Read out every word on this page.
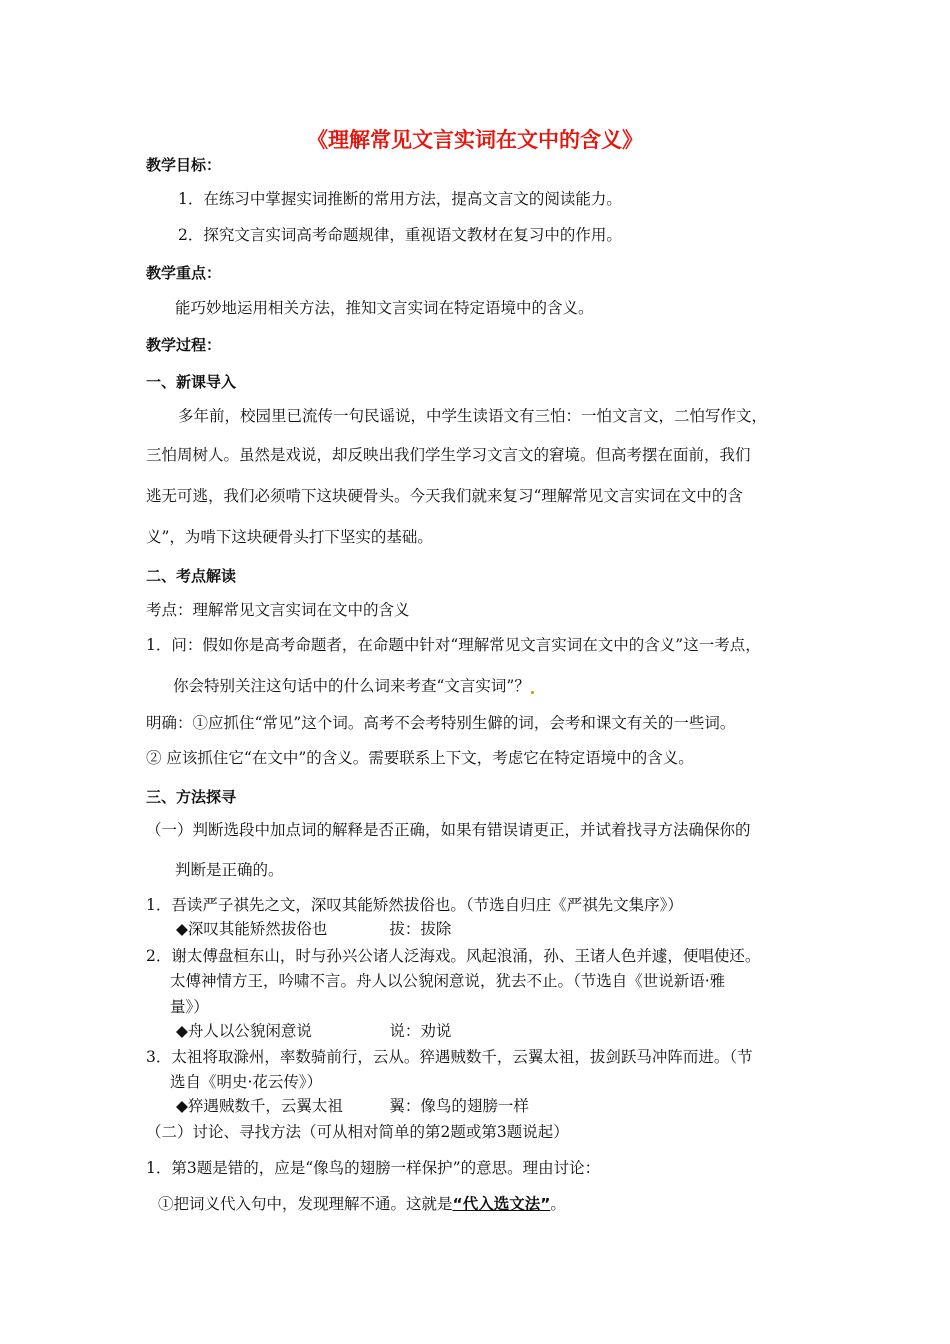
《理解常见文言实词在文中的含义》
教学目标：
1．在练习中掌握实词推断的常用方法，提高文言文的阅读能力。
2．探究文言实词高考命题规律，重视语文教材在复习中的作用。
教学重点：
能巧妙地运用相关方法，推知文言实词在特定语境中的含义。
教学过程：
一、新课导入
多年前，校园里已流传一句民谣说，中学生读语文有三怕：一怕文言文，二怕写作文，
三怕周树人。虽然是戏说，却反映出我们学生学习文言文的窘境。但高考摆在面前，我们
逃无可逃，我们必须啃下这块硬骨头。今天我们就来复习“理解常见文言实词在文中的含
义”，为啃下这块硬骨头打下坚实的基础。
二、考点解读
考点：理解常见文言实词在文中的含义
1．问：假如你是高考命题者，在命题中针对“理解常见文言实词在文中的含义”这一考点，
你会特别关注这句话中的什么词来考查“文言实词”？
明确：①应抓住“常见”这个词。高考不会考特别生僻的词，会考和课文有关的一些词。
② 应该抓住它“在文中”的含义。需要联系上下文，考虑它在特定语境中的含义。
三、方法探寻
（一）判断选段中加点词的解释是否正确，如果有错误请更正，并试着找寻方法确保你的
判断是正确的。
1．吾读严子祺先之文，深叹其能矫然拔俗也。（节选自归庄《严祺先文集序》）
◆深叹其能矫然拔俗也　　　　拔：拔除
2．谢太傅盘桓东山，时与孙兴公诸人泛海戏。风起浪涌，孙、王诸人色并遽，便唱使还。
太傅神情方王，吟啸不言。舟人以公貌闲意说，犹去不止。（节选自《世说新语·雅
量》）
◆舟人以公貌闲意说　　　　　说：劝说
3．太祖将取滁州，率数骑前行，云从。猝遇贼数千，云翼太祖，拔剑跃马冲阵而进。（节
选自《明史·花云传》）
◆猝遇贼数千，云翼太祖　　　翼：像鸟的翅膀一样
（二）讨论、寻找方法（可从相对简单的第2题或第3题说起）
1．第3题是错的，应是“像鸟的翅膀一样保护”的意思。理由讨论：
①把词义代入句中，发现理解不通。这就是“代入选文法”。
